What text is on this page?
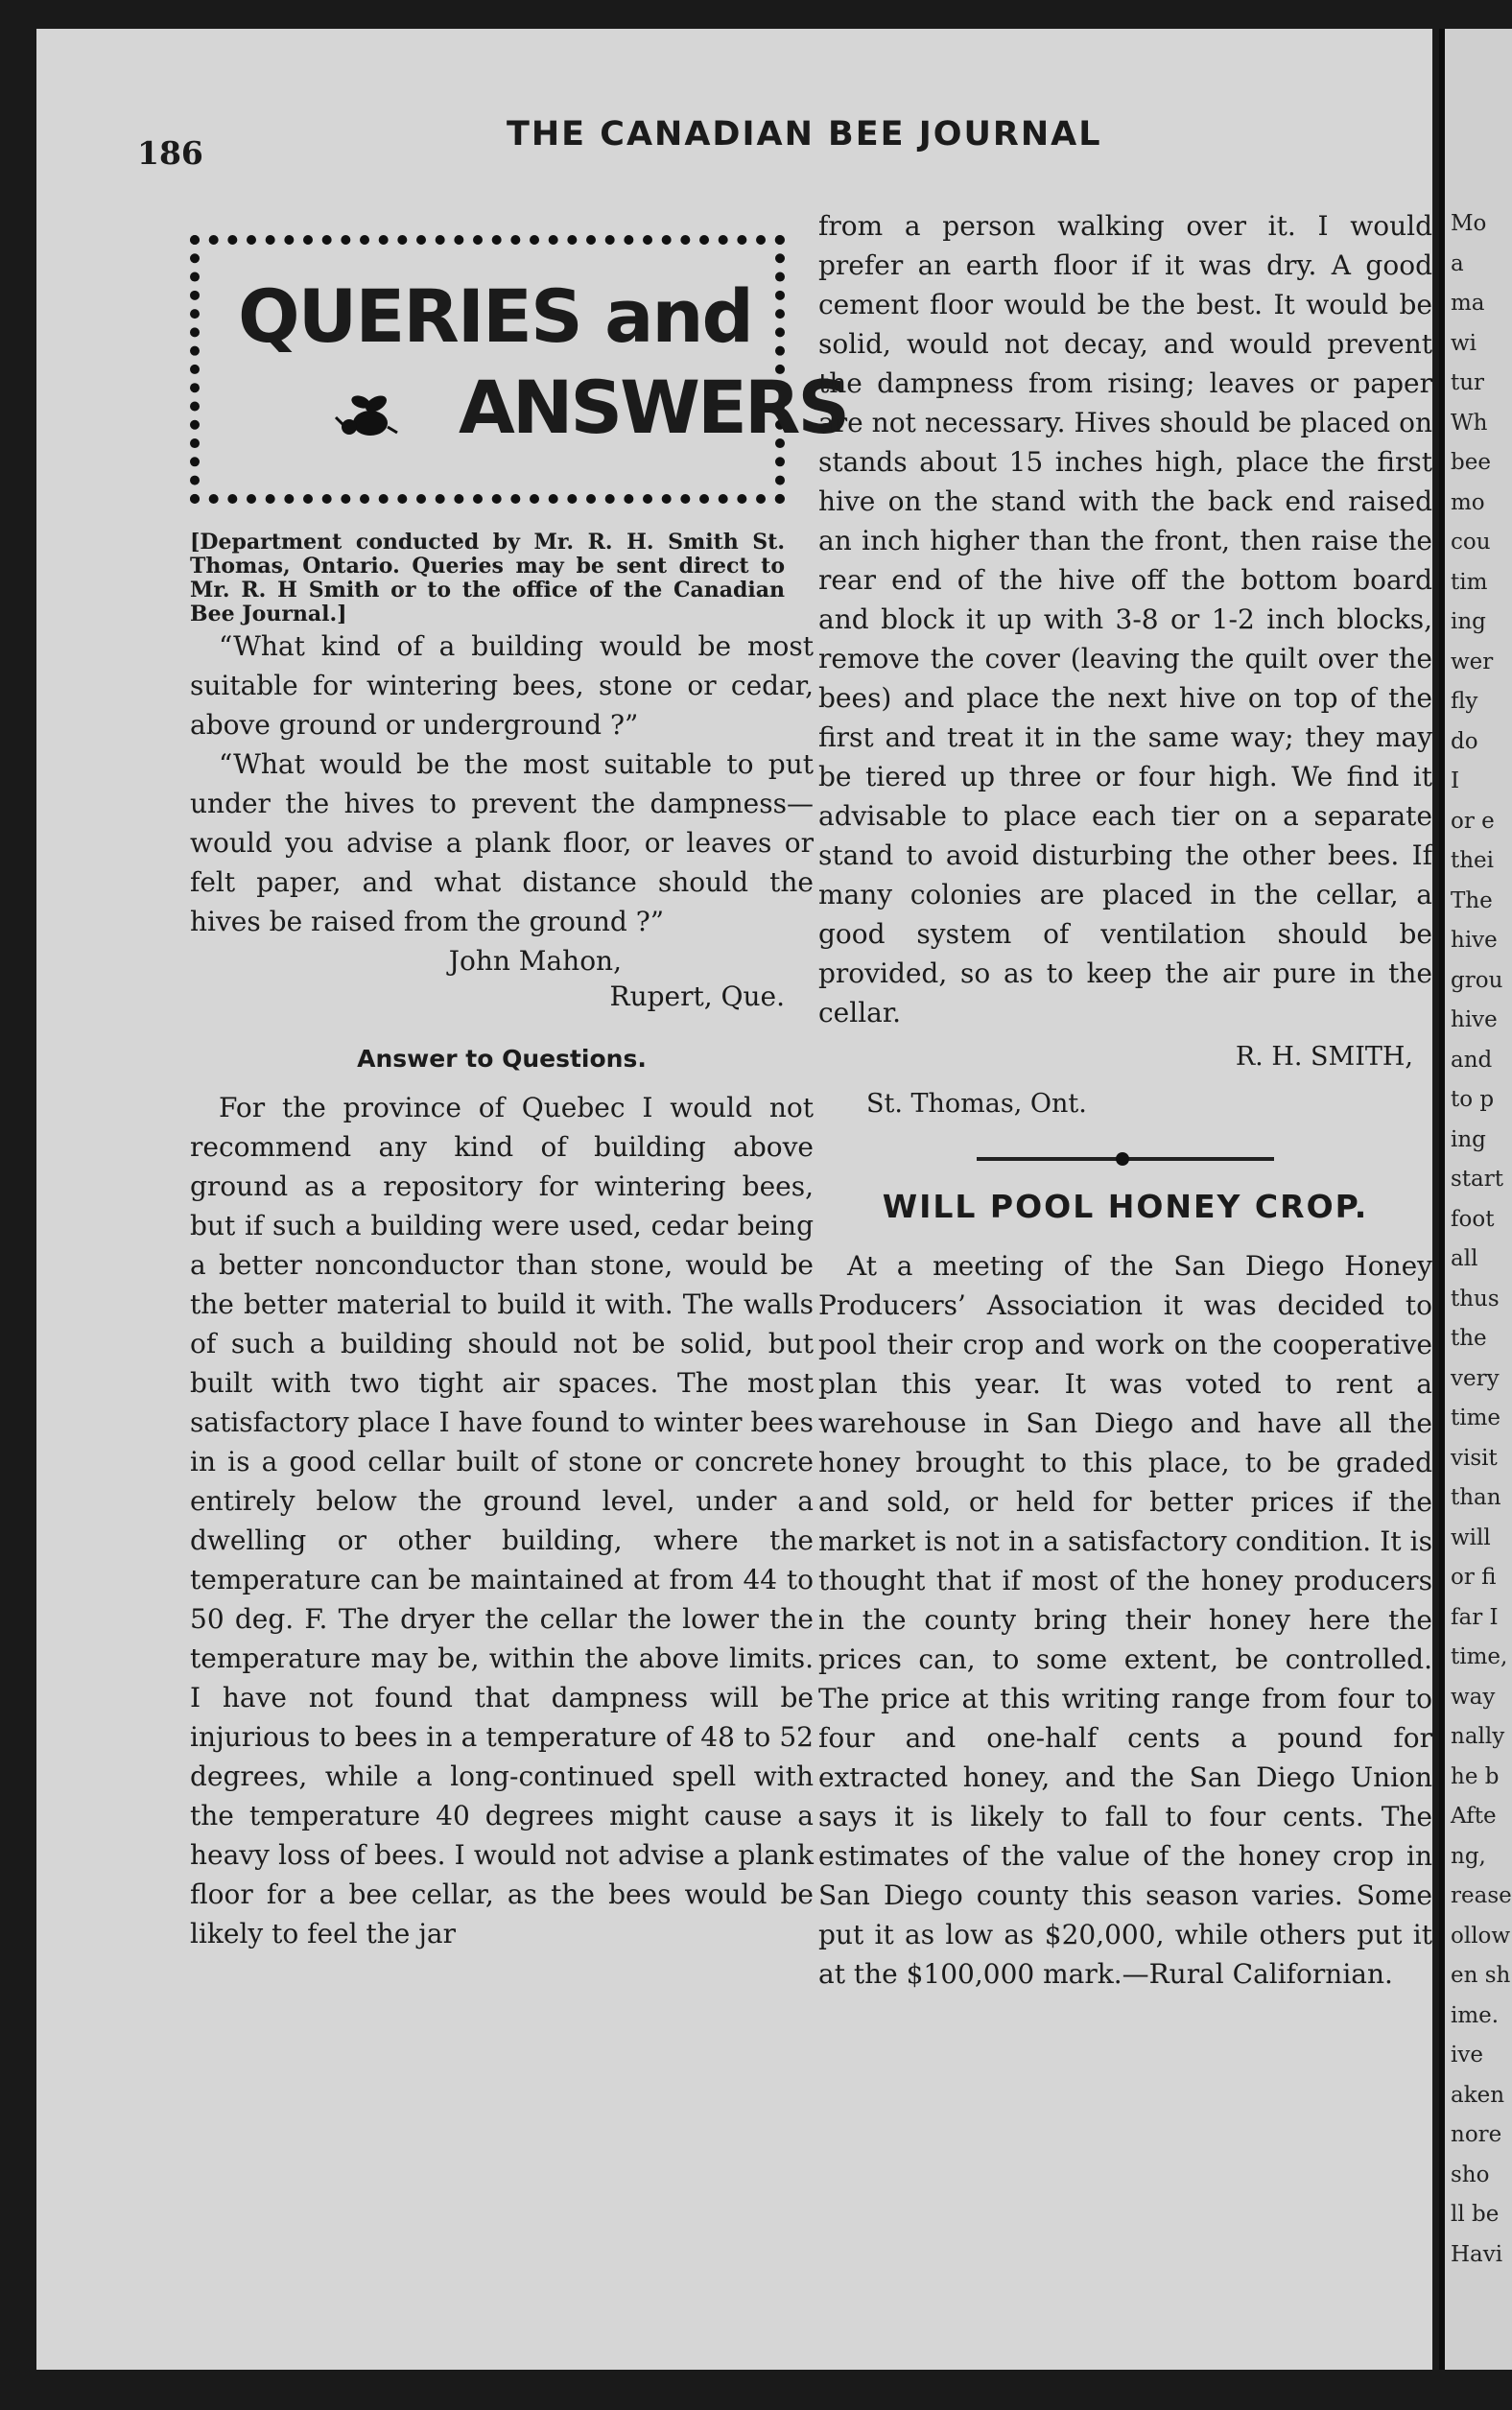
186	THE CANADIAN BEE JOURNAL
QUERIES and
ANSWERS
[Department conducted by Mr. R. H. Smith St. Thomas, Ontario. Queries may be sent direct to Mr. R. H Smith or to the office of the Canadian Bee Journal.]

“What kind of a building would be most suitable for wintering bees, stone or cedar, above ground or underground ?”

“What would be the most suitable to put under the hives to prevent the dampness—would you advise a plank floor, or leaves or felt paper, and what distance should the hives be raised from the ground ?”

John Mahon,
Rupert, Que.
Answer to Questions.

For the province of Quebec I would not recommend any kind of building above ground as a repository for wintering bees, but if such a building were used, cedar being a better nonconductor than stone, would be the better material to build it with. The walls of such a building should not be solid, but built with two tight air spaces. The most satisfactory place I have found to winter bees in is a good cellar built of stone or concrete entirely below the ground level, under a dwelling or other building, where the temperature can be maintained at from 44 to 50 deg. F. The dryer the cellar the lower the temperature may be, within the above limits. I have not found that dampness will be injurious to bees in a temperature of 48 to 52 degrees, while a long-continued spell with the temperature 40 degrees might cause a heavy loss of bees. I would not advise a plank floor for a bee cellar, as the bees would be likely to feel the jar

from a person walking over it. I would prefer an earth floor if it was dry. A good cement floor would be the best. It would be solid, would not decay, and would prevent the dampness from rising; leaves or paper are not necessary. Hives should be placed on stands about 15 inches high, place the first hive on the stand with the back end raised an inch higher than the front, then raise the rear end of the hive off the bottom board and block it up with 3-8 or 1-2 inch blocks, remove the cover (leaving the quilt over the bees) and place the next hive on top of the first and treat it in the same way; they may be tiered up three or four high. We find it advisable to place each tier on a separate stand to avoid disturbing the other bees. If many colonies are placed in the cellar, a good system of ventilation should be provided, so as to keep the air pure in the cellar.

R. H. SMITH,
St. Thomas, Ont.
WILL POOL HONEY CROP.

At a meeting of the San Diego Honey Producers’ Association it was decided to pool their crop and work on the cooperative plan this year. It was voted to rent a warehouse in San Diego and have all the honey brought to this place, to be graded and sold, or held for better prices if the market is not in a satisfactory condition. It is thought that if most of the honey producers in the county bring their honey here the prices can, to some extent, be controlled. The price at this writing range from four to four and one-half cents a pound for extracted honey, and the San Diego Union says it is likely to fall to four cents. The estimates of the value of the honey crop in San Diego county this season varies. Some put it as low as $20,000, while others put it at the $100,000 mark.—Rural Californian.

Mo
a
ma
wi
tur
Wh
bee
mo
cou
tim
ing
wer
fly
do
I
or e
thei
The
hive
grou
hive
and
to p
ing
start
foot
all
thus
the
very
time
visit
than
will
or fi
far I
time,
way
nally
he b
Afte
ng,
rease
ollow
en sh
ime.
ive
aken
nore
sho
ll be
Havi
